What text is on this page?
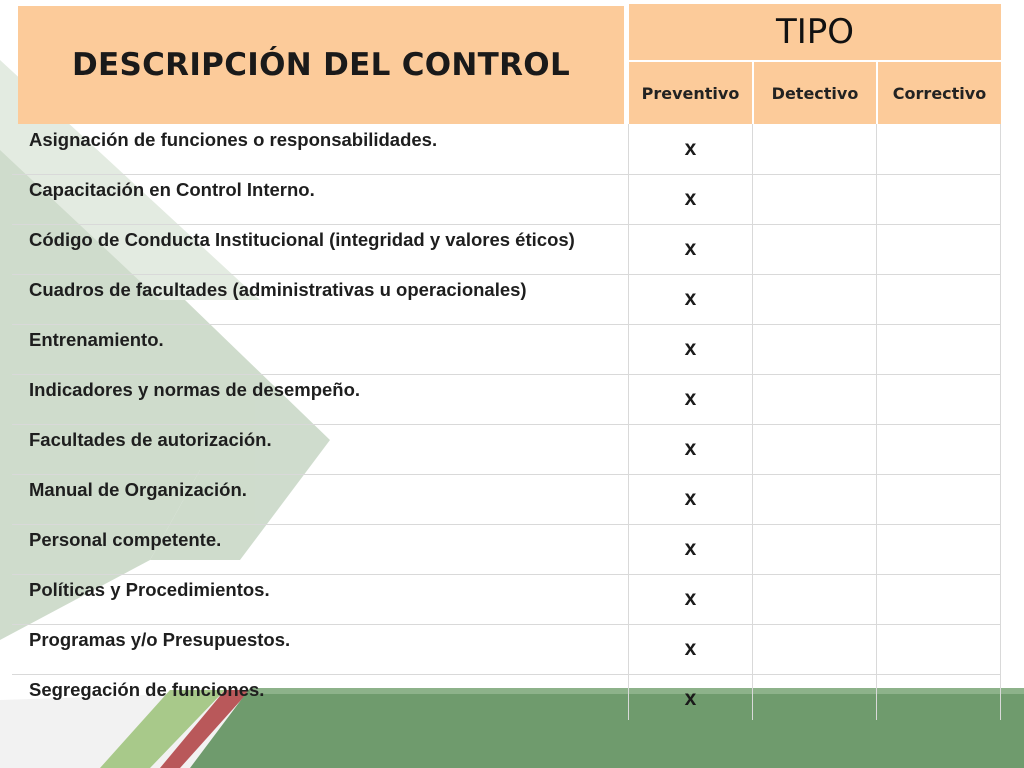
DESCRIPCIÓN DEL CONTROL
TIPO
Preventivo	Detectivo	Correctivo
Asignación de funciones o responsabilidades.	x
Capacitación en Control Interno.	x
Código de Conducta Institucional (integridad y valores éticos)	x
Cuadros de facultades (administrativas u operacionales)	x
Entrenamiento.	x
Indicadores y normas de desempeño.	x
Facultades de autorización.	x
Manual de Organización.	x
Personal competente.	x
Políticas y Procedimientos.	x
Programas y/o Presupuestos.	x
Segregación de funciones.	x
